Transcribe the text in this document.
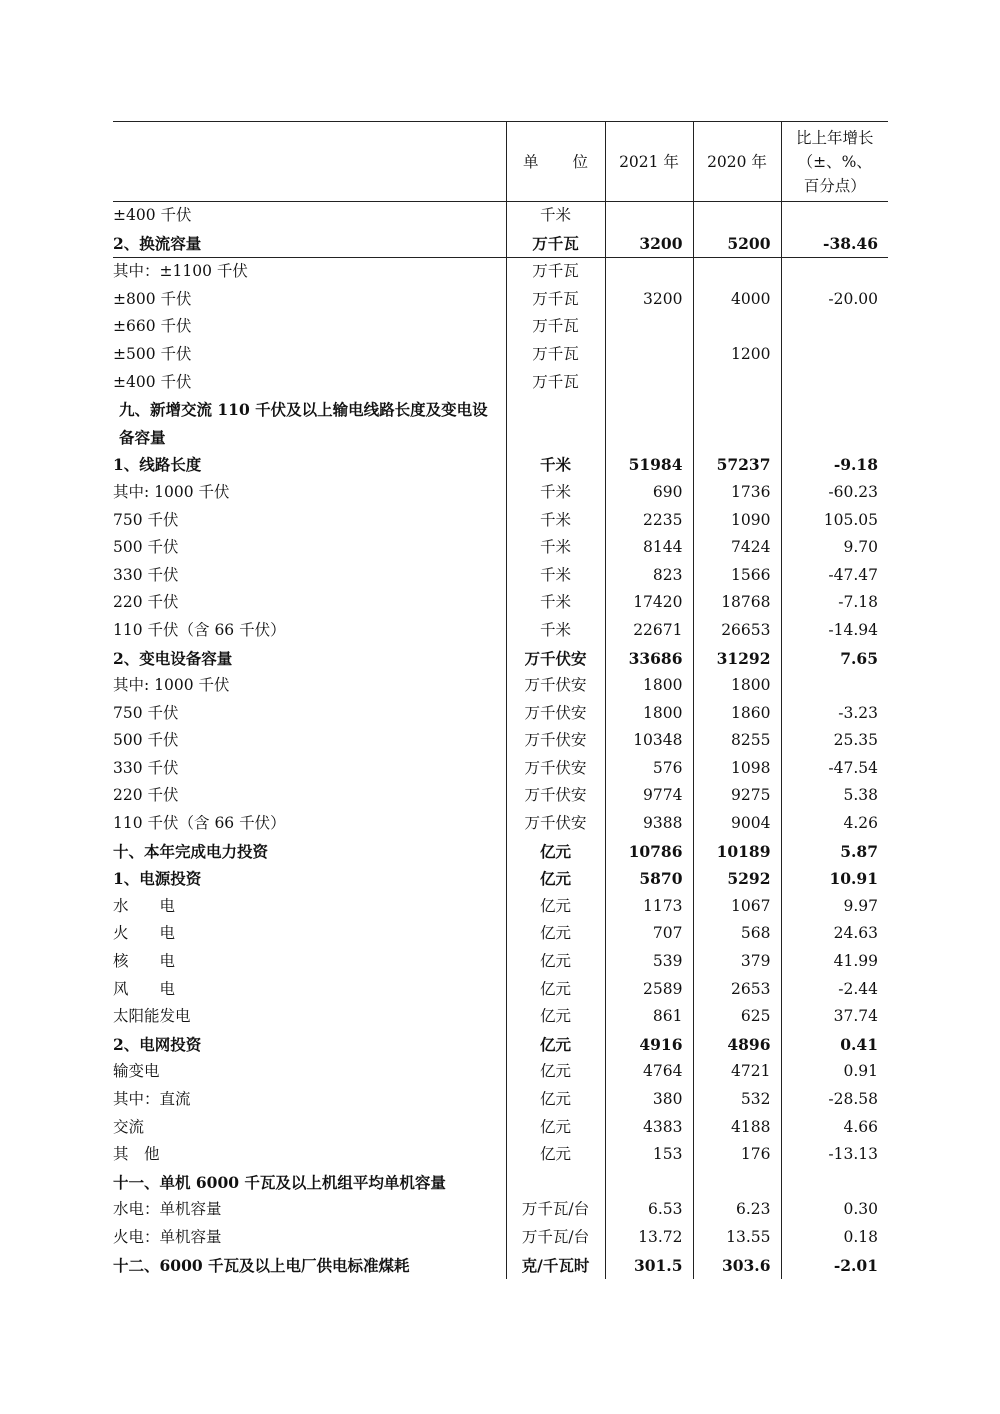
	单 位	2021 年	2020 年	比上年增长
（±、%、
百分点）

±400 千伏	千米			
2、换流容量	万千瓦	3200	5200	-38.46
其中：±1100 千伏	万千瓦			
±800 千伏	万千瓦	3200	4000	-20.00
±660 千伏	万千瓦			
±500 千伏	万千瓦		1200	
±400 千伏	万千瓦			
九、新增交流 110 千伏及以上输电线路长度及变电设备容量				
1、线路长度	千米	51984	57237	-9.18
其中: 1000 千伏	千米	690	1736	-60.23
750 千伏	千米	2235	1090	105.05
500 千伏	千米	8144	7424	9.70
330 千伏	千米	823	1566	-47.47
220 千伏	千米	17420	18768	-7.18
110 千伏（含 66 千伏）	千米	22671	26653	-14.94
2、变电设备容量	万千伏安	33686	31292	7.65
其中: 1000 千伏	万千伏安	1800	1800	
750 千伏	万千伏安	1800	1860	-3.23
500 千伏	万千伏安	10348	8255	25.35
330 千伏	万千伏安	576	1098	-47.54
220 千伏	万千伏安	9774	9275	5.38
110 千伏（含 66 千伏）	万千伏安	9388	9004	4.26
十、本年完成电力投资	亿元	10786	10189	5.87
1、电源投资	亿元	5870	5292	10.91
水　　电	亿元	1173	1067	9.97
火　　电	亿元	707	568	24.63
核　　电	亿元	539	379	41.99
风　　电	亿元	2589	2653	-2.44
太阳能发电	亿元	861	625	37.74
2、电网投资	亿元	4916	4896	0.41
输变电	亿元	4764	4721	0.91
其中：直流	亿元	380	532	-28.58
交流	亿元	4383	4188	4.66
其　他	亿元	153	176	-13.13
十一、单机 6000 千瓦及以上机组平均单机容量				
水电：单机容量	万千瓦/台	6.53	6.23	0.30
火电：单机容量	万千瓦/台	13.72	13.55	0.18
十二、6000 千瓦及以上电厂供电标准煤耗	克/千瓦时	301.5	303.6	-2.01
